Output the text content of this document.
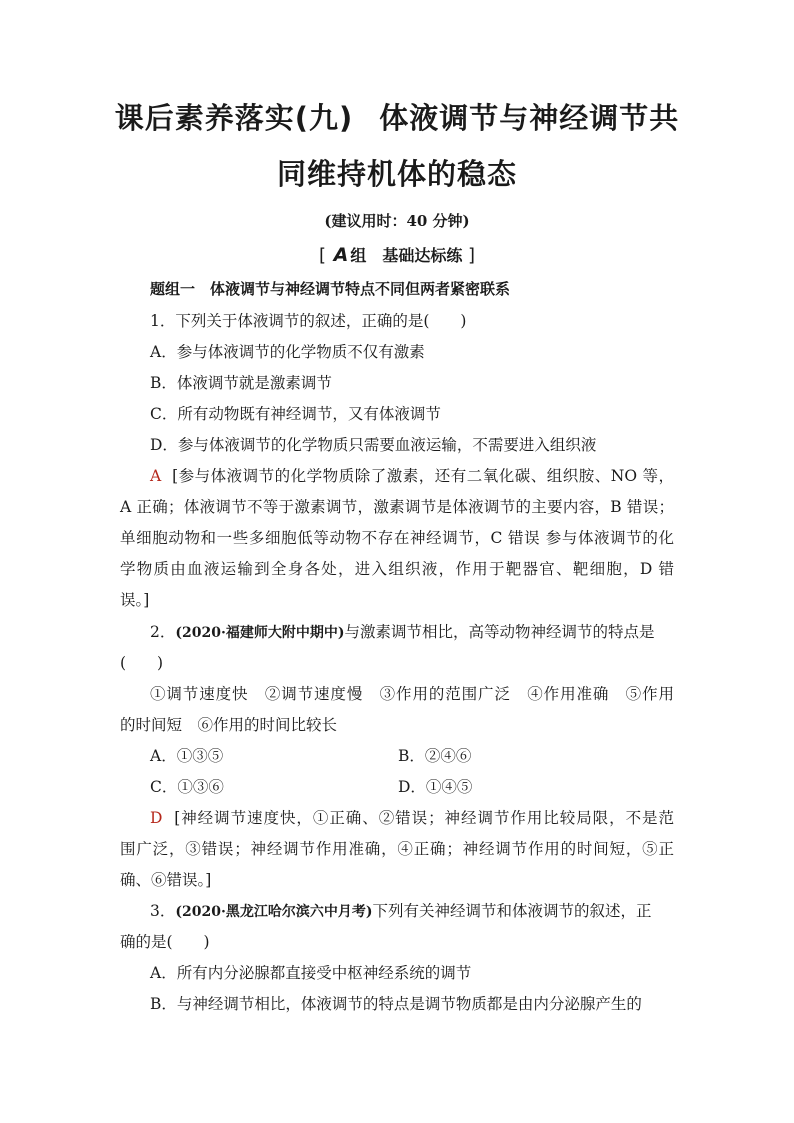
课后素养落实(九) 体液调节与神经调节共
同维持机体的稳态
(建议用时：40 分钟)
[ A 组　基础达标练 ]
题组一　体液调节与神经调节特点不同但两者紧密联系
1．下列关于体液调节的叙述，正确的是(　　)
A．参与体液调节的化学物质不仅有激素
B．体液调节就是激素调节
C．所有动物既有神经调节，又有体液调节
D．参与体液调节的化学物质只需要血液运输，不需要进入组织液
A [参与体液调节的化学物质除了激素，还有二氧化碳、组织胺、NO 等，
A 正确；体液调节不等于激素调节，激素调节是体液调节的主要内容，B 错误；
单细胞动物和一些多细胞低等动物不存在神经调节，C 错误 参与体液调节的化
学物质由血液运输到全身各处，进入组织液，作用于靶器官、靶细胞，D 错
误。]
2．(2020·福建师大附中期中)与激素调节相比，高等动物神经调节的特点是
(　　)
①调节速度快　②调节速度慢　③作用的范围广泛　④作用准确　⑤作用
的时间短　⑥作用的时间比较长
A．①③⑤	B．②④⑥
C．①③⑥	D．①④⑤
D [神经调节速度快，①正确、②错误；神经调节作用比较局限，不是范
围广泛，③错误；神经调节作用准确，④正确；神经调节作用的时间短，⑤正
确、⑥错误。]
3．(2020·黑龙江哈尔滨六中月考)下列有关神经调节和体液调节的叙述，正
确的是(　　)
A．所有内分泌腺都直接受中枢神经系统的调节
B．与神经调节相比，体液调节的特点是调节物质都是由内分泌腺产生的
